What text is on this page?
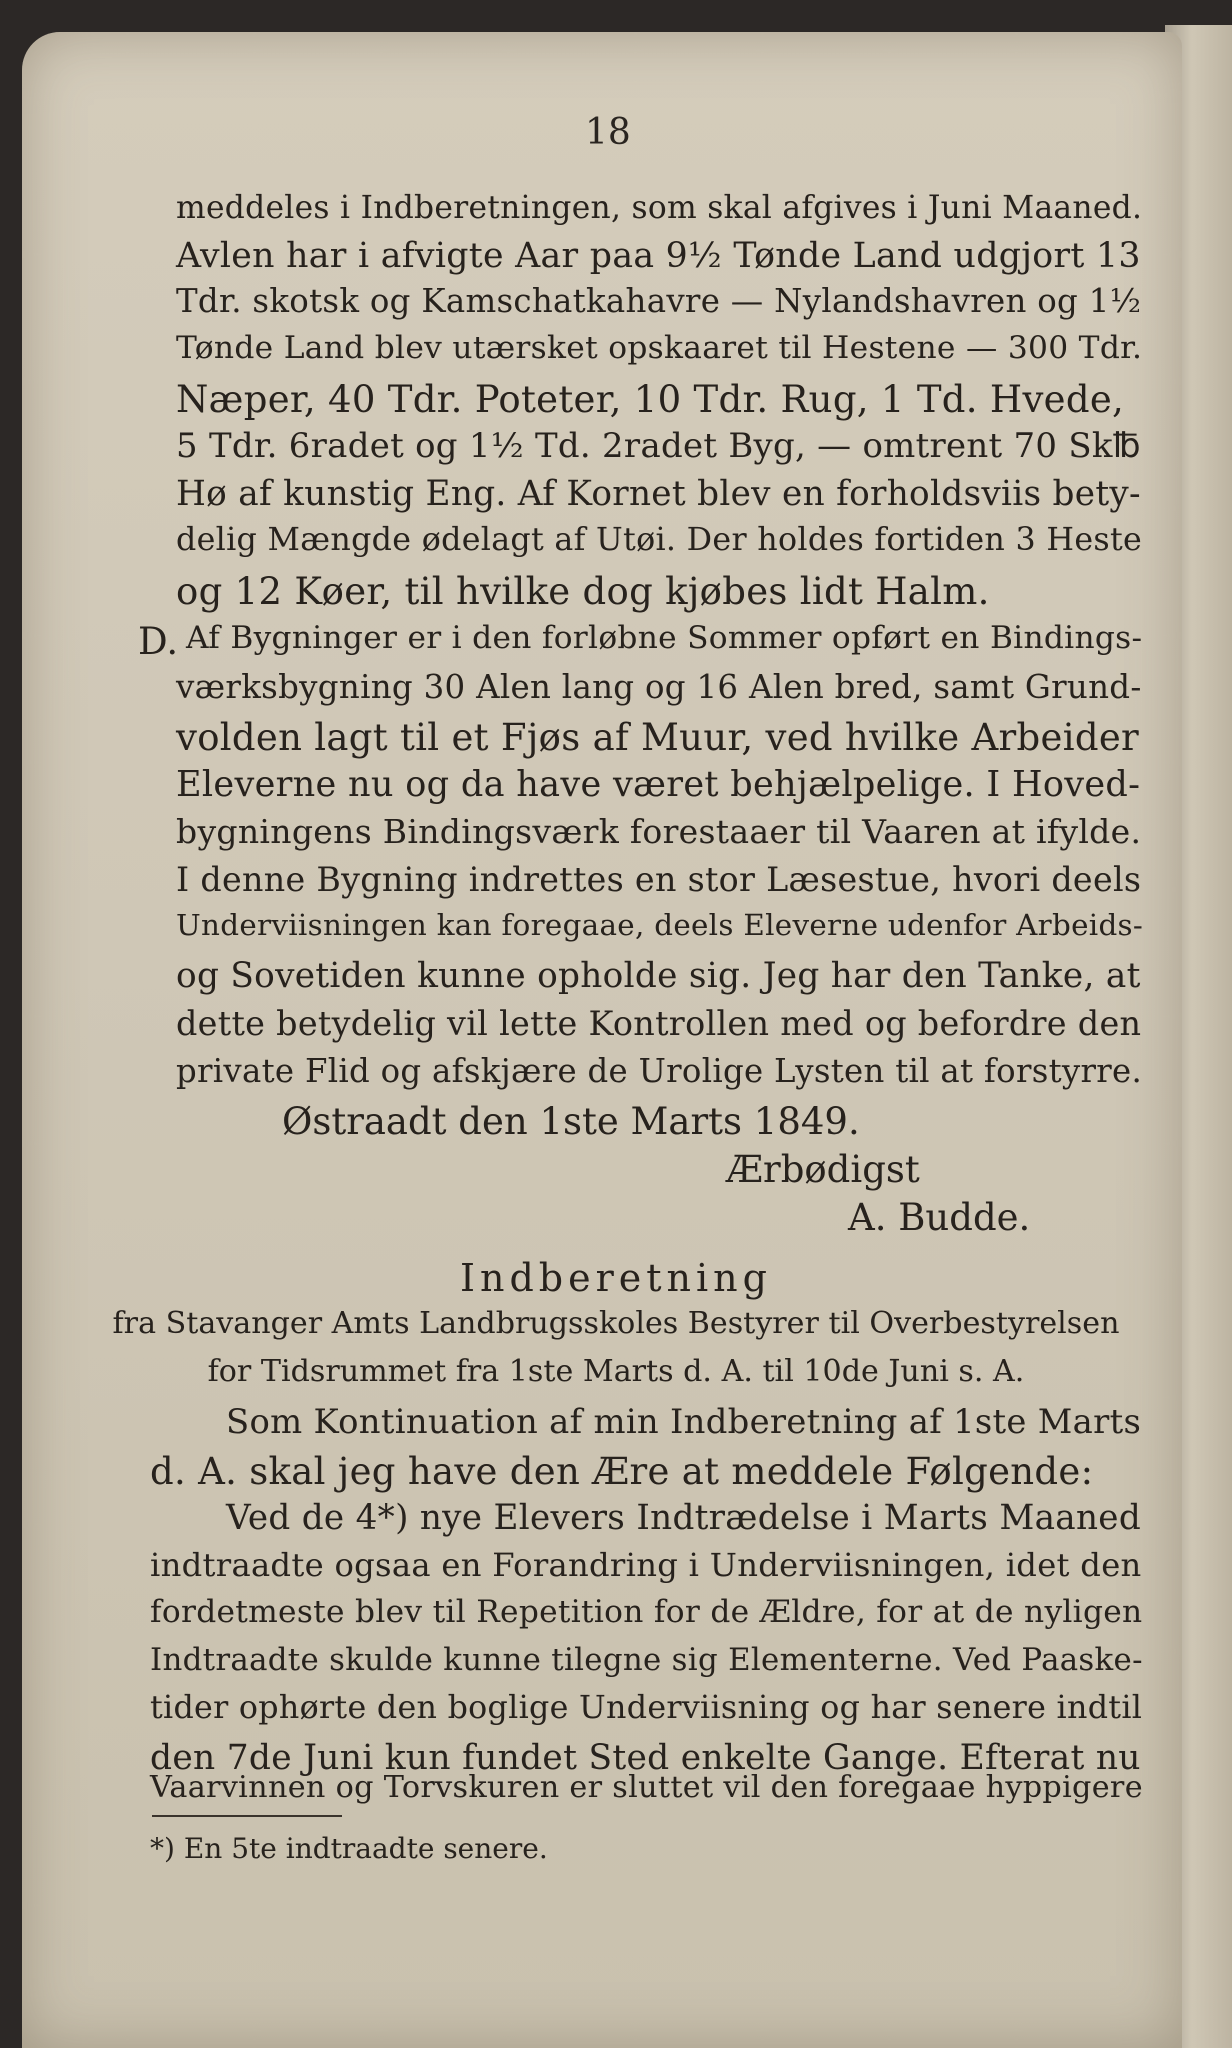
18
meddeles i Indberetningen, som skal afgives i Juni Maaned.
Avlen har i afvigte Aar paa 9½ Tønde Land udgjort 13
Tdr. skotsk og Kamschatkahavre — Nylandshavren og 1½
Tønde Land blev utærsket opskaaret til Hestene — 300 Tdr.
Næper, 40 Tdr. Poteter, 10 Tdr. Rug, 1 Td. Hvede,
5 Tdr. 6radet og 1½ Td. 2radet Byg, — omtrent 70 Sk℔
Hø af kunstig Eng. Af Kornet blev en forholdsviis bety-
delig Mængde ødelagt af Utøi. Der holdes fortiden 3 Heste
og 12 Køer, til hvilke dog kjøbes lidt Halm.
D. Af Bygninger er i den forløbne Sommer opført en Bindings-
værksbygning 30 Alen lang og 16 Alen bred, samt Grund-
volden lagt til et Fjøs af Muur, ved hvilke Arbeider
Eleverne nu og da have været behjælpelige. I Hoved-
bygningens Bindingsværk forestaaer til Vaaren at ifylde.
I denne Bygning indrettes en stor Læsestue, hvori deels
Underviisningen kan foregaae, deels Eleverne udenfor Arbeids-
og Sovetiden kunne opholde sig. Jeg har den Tanke, at
dette betydelig vil lette Kontrollen med og befordre den
private Flid og afskjære de Urolige Lysten til at forstyrre.
Østraadt den 1ste Marts 1849.
Ærbødigst
A. Budde.
Indberetning
fra Stavanger Amts Landbrugsskoles Bestyrer til Overbestyrelsen
for Tidsrummet fra 1ste Marts d. A. til 10de Juni s. A.
Som Kontinuation af min Indberetning af 1ste Marts
d. A. skal jeg have den Ære at meddele Følgende:
Ved de 4*) nye Elevers Indtrædelse i Marts Maaned
indtraadte ogsaa en Forandring i Underviisningen, idet den
fordetmeste blev til Repetition for de Ældre, for at de nyligen
Indtraadte skulde kunne tilegne sig Elementerne. Ved Paaske-
tider ophørte den boglige Underviisning og har senere indtil
den 7de Juni kun fundet Sted enkelte Gange. Efterat nu
Vaarvinnen og Torvskuren er sluttet vil den foregaae hyppigere
*) En 5te indtraadte senere.
